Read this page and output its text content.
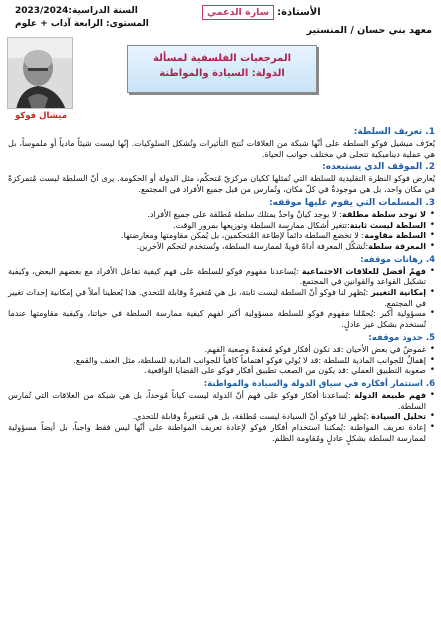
الأستاذة:
سارة الدعمي
السنة الدراسية:2023/2024
المستوى: الرابعة آداب + علوم
معهد بني حسان / المنستير
المرجعيات الفلسفية لمسألة
الدولة: السيادة والمواطنة
ميشال فوكو
1. تعريف السلطة:
يُعرّف ميشيل فوكو السلطة على أنّها شبكة من العلاقات تُنتج التأثيرات وتُشكل السلوكيات. إنّها ليست شيئاً مادياً أو ملموساً، بل هي عملية ديناميكية تتجلى في مختلف جوانب الحياة.
2. الموقف الذي يستبعده:
يُعارض فوكو النظرة التقليدية للسلطة التي تُمثلها ككيان مركزيّ مُتحكّم، مثل الدولة أو الحكومة. يرى أنّ السلطة ليست مُتمركزةً في مكان واحد، بل هي موجودةٌ في كلّ مكان، وتُمارس من قبل جميع الأفراد في المجتمع.
3. المسلمات التي يقوم عليها موقفه:
• لا توجد سلطة مطلقة: لا يوجد كيانٌ واحدٌ يمتلك سلطة مُطلقة على جميع الأفراد.
• السلطة ليست ثابتة:تتغير أشكال ممارسة السلطة وتوزيعها بمرور الوقت.
• السلطة مقاومة: لا تخضع السلطة دائماً لإطاعة المُتحكمين، بل يُمكن مقاومتها ومعارضتها.
• المعرفة سلطة:تُشكّل المعرفة أداةً قويةً لممارسة السلطة، وتُستخدم لتحكم الآخرين.
4. رهانات موقفه:
• فهمٌ أفضل للعلاقات الاجتماعية :يُساعدنا مفهوم فوكو للسلطة على فهم كيفية تفاعل الأفراد مع بعضهم البعض، وكيفية تشكيل القواعد والقوانين في المجتمع.
• إمكانية التغيير :يُظهر لنا فوكو أنّ السلطة ليست ثابتة، بل هي مُتغيرةٌ وقابلة للتحدي. هذا يُعطينا أملاً في إمكانية إحداث تغيير في المجتمع.
• مسؤولية أكبر :يُحمّلنا مفهوم فوكو للسلطة مسؤولية أكبر لفهم كيفية ممارسة السلطة في حياتنا، وكيفية مقاومتها عندما تُستخدم بشكل غير عادلٍ.
5. حدود موقفه:
• غموضٌ في بعض الأحيان :قد تكون أفكار فوكو مُعقدةً وصعبة الفهم.
• إهمالٌ للجوانب المادية للسلطة :قد لا يُولي فوكو اهتماماً كافياً للجوانب المادية للسلطة، مثل العنف والقمع.
• صعوبة التطبيق العملي :قد يكون من الصعب تطبيق أفكار فوكو على القضايا الواقعية.
6. استثمار أفكاره في سياق الدولة والسيادة والمواطنة:
• فهم طبيعة الدولة :يُساعدنا أفكار فوكو على فهم أنّ الدولة ليست كياناً مُوحداً، بل هي شبكة من العلاقات التي تُمارس السلطة.
• تحليل السيادة :يُظهر لنا فوكو أنّ السيادة ليست مُطلقة، بل هي مُتغيرةٌ وقابلة للتحدي.
• إعادة تعريف المواطنة :يُمكننا استخدام أفكار فوكو لإعادة تعريف المواطنة على أنّها ليس فقط واجباً، بل أيضاً مسؤولية لممارسة السلطة بشكلٍ عادلٍ ومُقاومة الظلم.
